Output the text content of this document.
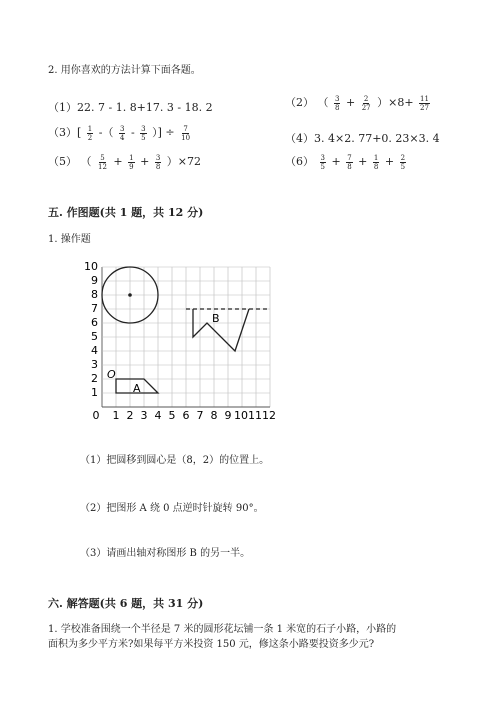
2. 用你喜欢的方法计算下面各题。
（1）22. 7 - 1. 8+17. 3 - 18. 2	（2） （ $\frac{3}{8} + \frac{2}{27} )\times 8+ \frac{11}{27}$
$(3)[ \frac{1}{2}$ -（ $\frac{3}{4} - \frac{3}{5}$ ）] ÷ $\frac{7}{10}$	（4）3. 4×2. 77+0. 23×3. 4
（5） （ $\frac{5}{12} + \frac{1}{9} + \frac{3}{8} )\times 72$	$(6) \frac{3}{5} + \frac{7}{8} + \frac{1}{8} + \frac{2}{5}$
五. 作图题(共 1 题，共 12 分)
1. 操作题
1
2
3
4
5
6
7
8
9
10
0 1 2 3 4 5 6 7 8 9 10 11 12
O
A
B
（1）把圆移到圆心是（8，2）的位置上。
（2）把图形 A 绕 0 点逆时针旋转 90°。
（3）请画出轴对称图形 B 的另一半。
六. 解答题(共 6 题，共 31 分)
1. 学校准备围绕一个半径是 7 米的圆形花坛铺一条 1 米宽的石子小路，小路的
面积为多少平方米?如果每平方米投资 150 元，修这条小路要投资多少元?
